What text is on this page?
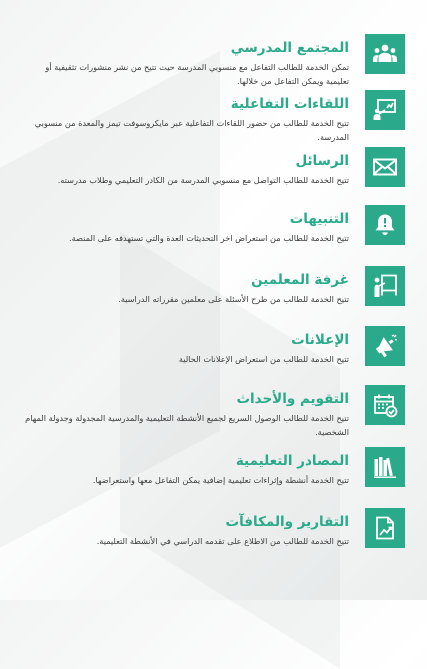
المجتمع المدرسي
تمكن الخدمة للطالب التفاعل مع منسوبي المدرسة حيث تتيح من نشر منشورات تثقيفية أو تعليمية ويمكن التفاعل من خلالها.
اللقاءات التفاعلية
تتيح الخدمة للطالب من حضور اللقاءات التفاعلية عبر مايكروسوفت تيمز والمعدة من منسوبي المدرسة.
الرسائل
تتيح الخدمة للطالب التواصل مع منسوبي المدرسة من الكادر التعليمي وطلاب مدرسته.
التنبيهات
تتيح الخدمة للطالب من استعراض اخر التحديثات العدة والتي تستهدفه على المنصة.
غرفة المعلمين
تتيح الخدمة للطالب من طرح الأسئلة على معلمين مقرراته الدراسية.
الإعلانات
تتيح الخدمة للطالب من استعراض الإعلانات الحالية
التقويم والأحداث
تتيح الخدمة للطالب الوصول السريع لجميع الأنشطة التعليمية والمدرسية المجدولة وجدولة المهام الشخصية.
المصادر التعليمية
تتيح الخدمة أنشطة وإثراءات تعليمية إضافية يمكن التفاعل معها واستعراضها.
التقارير والمكافآت
تتيح الخدمة للطالب من الاطلاع على تقدمه الدراسي في الأنشطة التعليمية.
